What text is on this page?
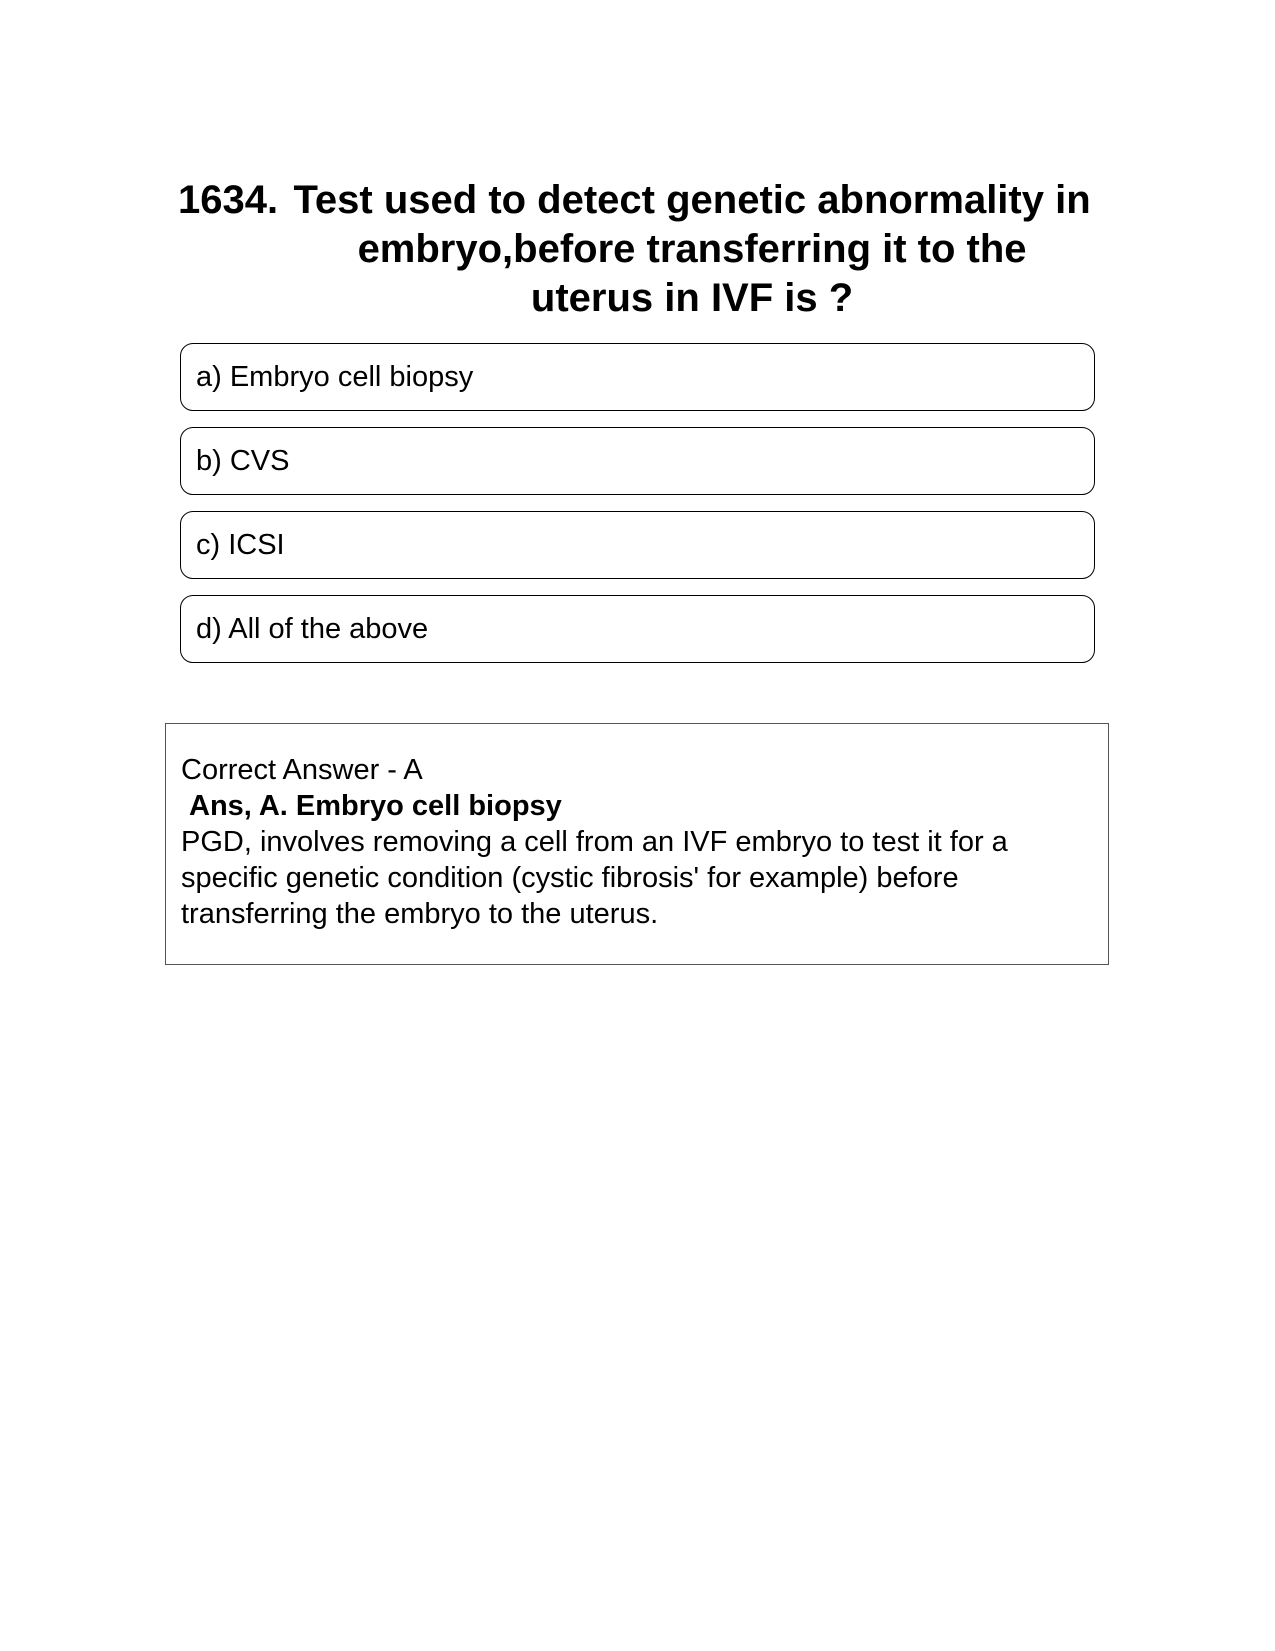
1634. Test used to detect genetic abnormality in embryo,before transferring it to the uterus in IVF is ?
a) Embryo cell biopsy
b) CVS
c) ICSI
d) All of the above

Correct Answer - A

Ans, A. Embryo cell biopsy

PGD, involves removing a cell from an IVF embryo to test it for a specific genetic condition (cystic fibrosis' for example) before transferring the embryo to the uterus.
